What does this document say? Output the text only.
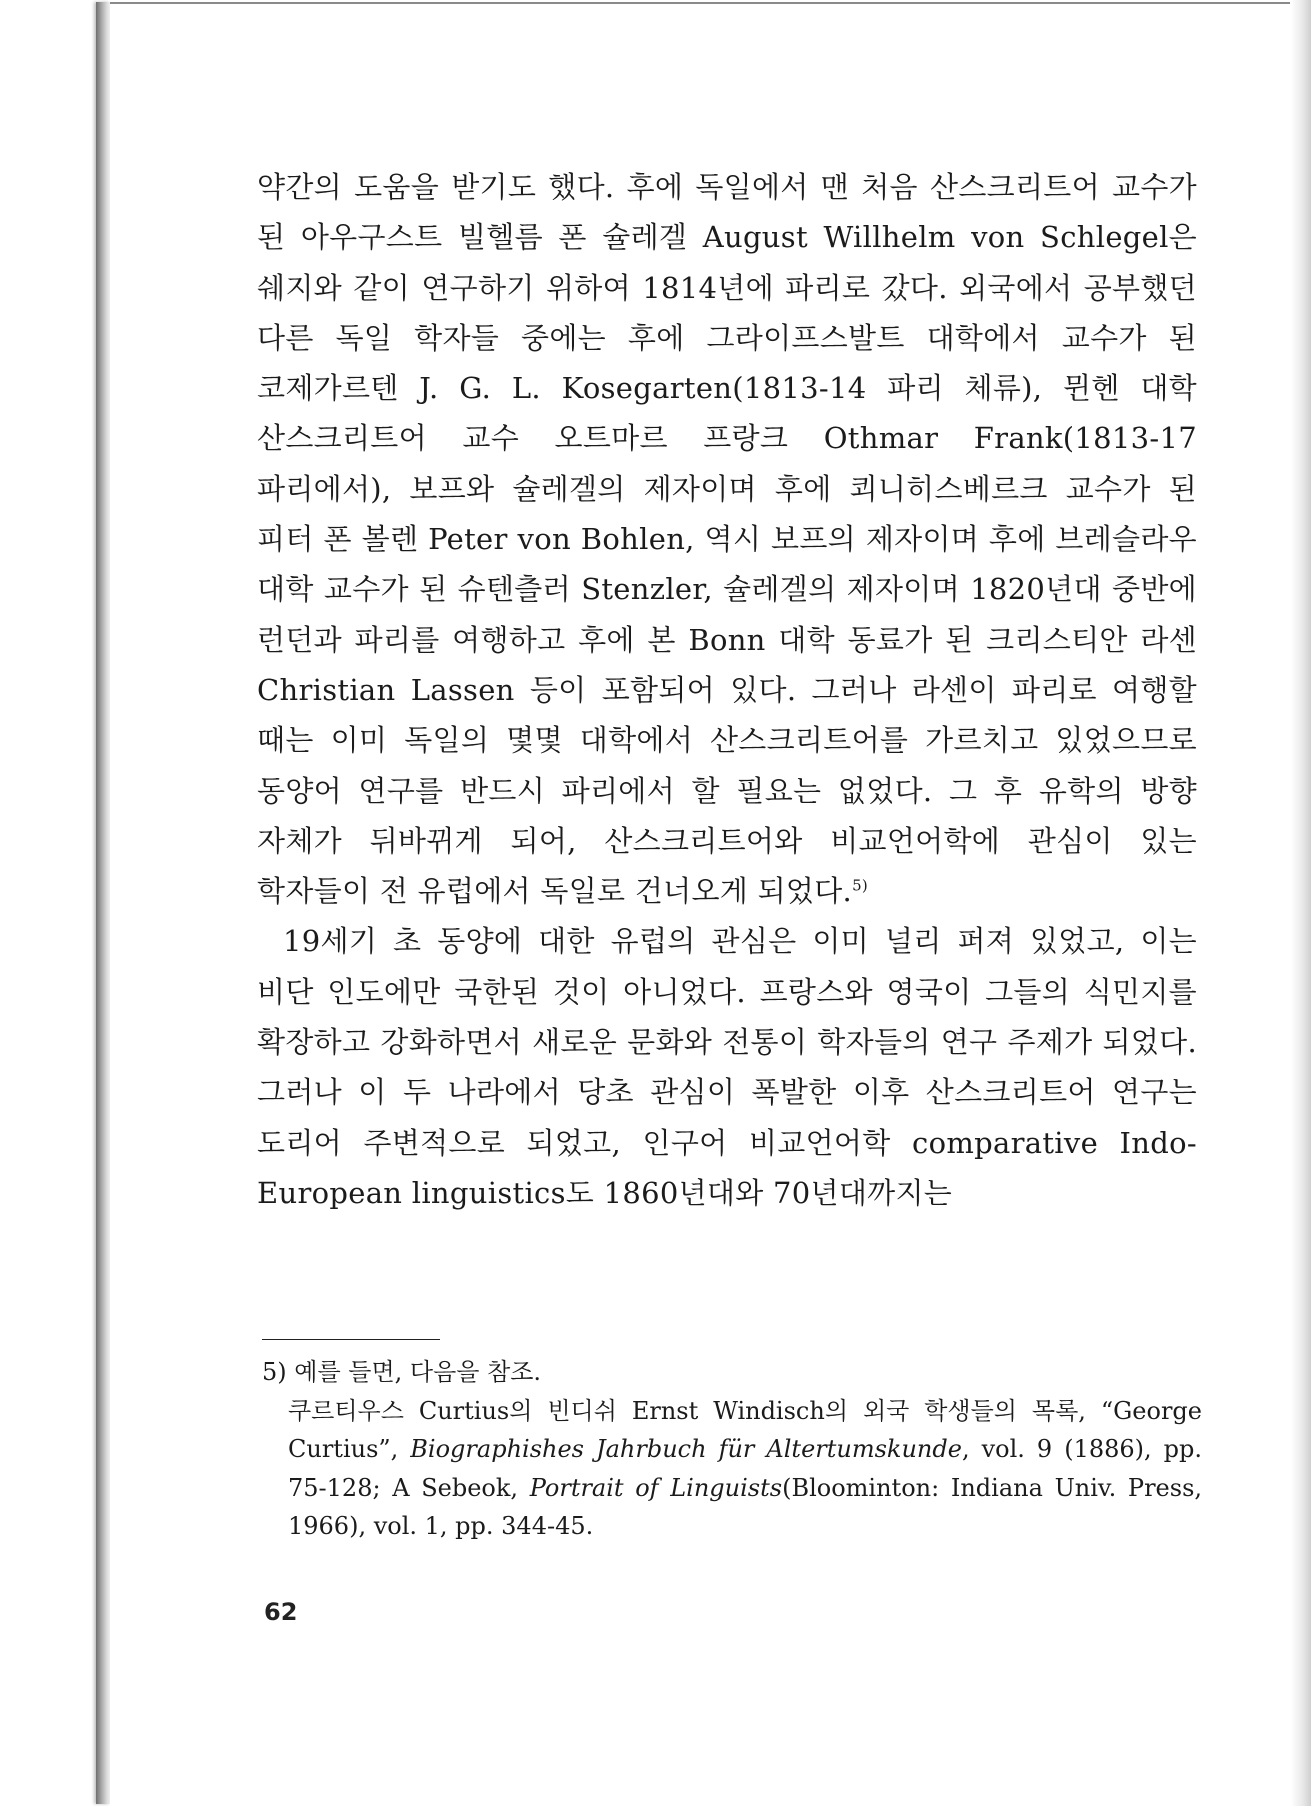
약간의 도움을 받기도 했다. 후에 독일에서 맨 처음 산스크리트어 교수가 된 아우구스트 빌헬름 폰 슐레겔 August Willhelm von Schlegel은 쉐지와 같이 연구하기 위하여 1814년에 파리로 갔다. 외국에서 공부했던 다른 독일 학자들 중에는 후에 그라이프스발트 대학에서 교수가 된 코제가르텐 J. G. L. Kosegarten(1813-14 파리 체류), 뮌헨 대학 산스크리트어 교수 오트마르 프랑크 Othmar Frank(1813-17 파리에서), 보프와 슐레겔의 제자이며 후에 쾨니히스베르크 교수가 된 피터 폰 볼렌 Peter von Bohlen, 역시 보프의 제자이며 후에 브레슬라우 대학 교수가 된 슈텐츨러 Stenzler, 슐레겔의 제자이며 1820년대 중반에 런던과 파리를 여행하고 후에 본 Bonn 대학 동료가 된 크리스티안 라센 Christian Lassen 등이 포함되어 있다. 그러나 라센이 파리로 여행할 때는 이미 독일의 몇몇 대학에서 산스크리트어를 가르치고 있었으므로 동양어 연구를 반드시 파리에서 할 필요는 없었다. 그 후 유학의 방향 자체가 뒤바뀌게 되어, 산스크리트어와 비교언어학에 관심이 있는 학자들이 전 유럽에서 독일로 건너오게 되었다.$^{5)}$

19세기 초 동양에 대한 유럽의 관심은 이미 널리 퍼져 있었고, 이는 비단 인도에만 국한된 것이 아니었다. 프랑스와 영국이 그들의 식민지를 확장하고 강화하면서 새로운 문화와 전통이 학자들의 연구 주제가 되었다. 그러나 이 두 나라에서 당초 관심이 폭발한 이후 산스크리트어 연구는 도리어 주변적으로 되었고, 인구어 비교언어학 comparative Indo-European linguistics도 1860년대와 70년대까지는

5) 예를 들면, 다음을 참조.

쿠르티우스 Curtius의 빈디쉬 Ernst Windisch의 외국 학생들의 목록, “George Curtius”, Biographishes Jahrbuch für Altertumskunde, vol. 9 (1886), pp. 75-128; A Sebeok, Portrait of Linguists(Bloominton: Indiana Univ. Press, 1966), vol. 1, pp. 344-45.

62
